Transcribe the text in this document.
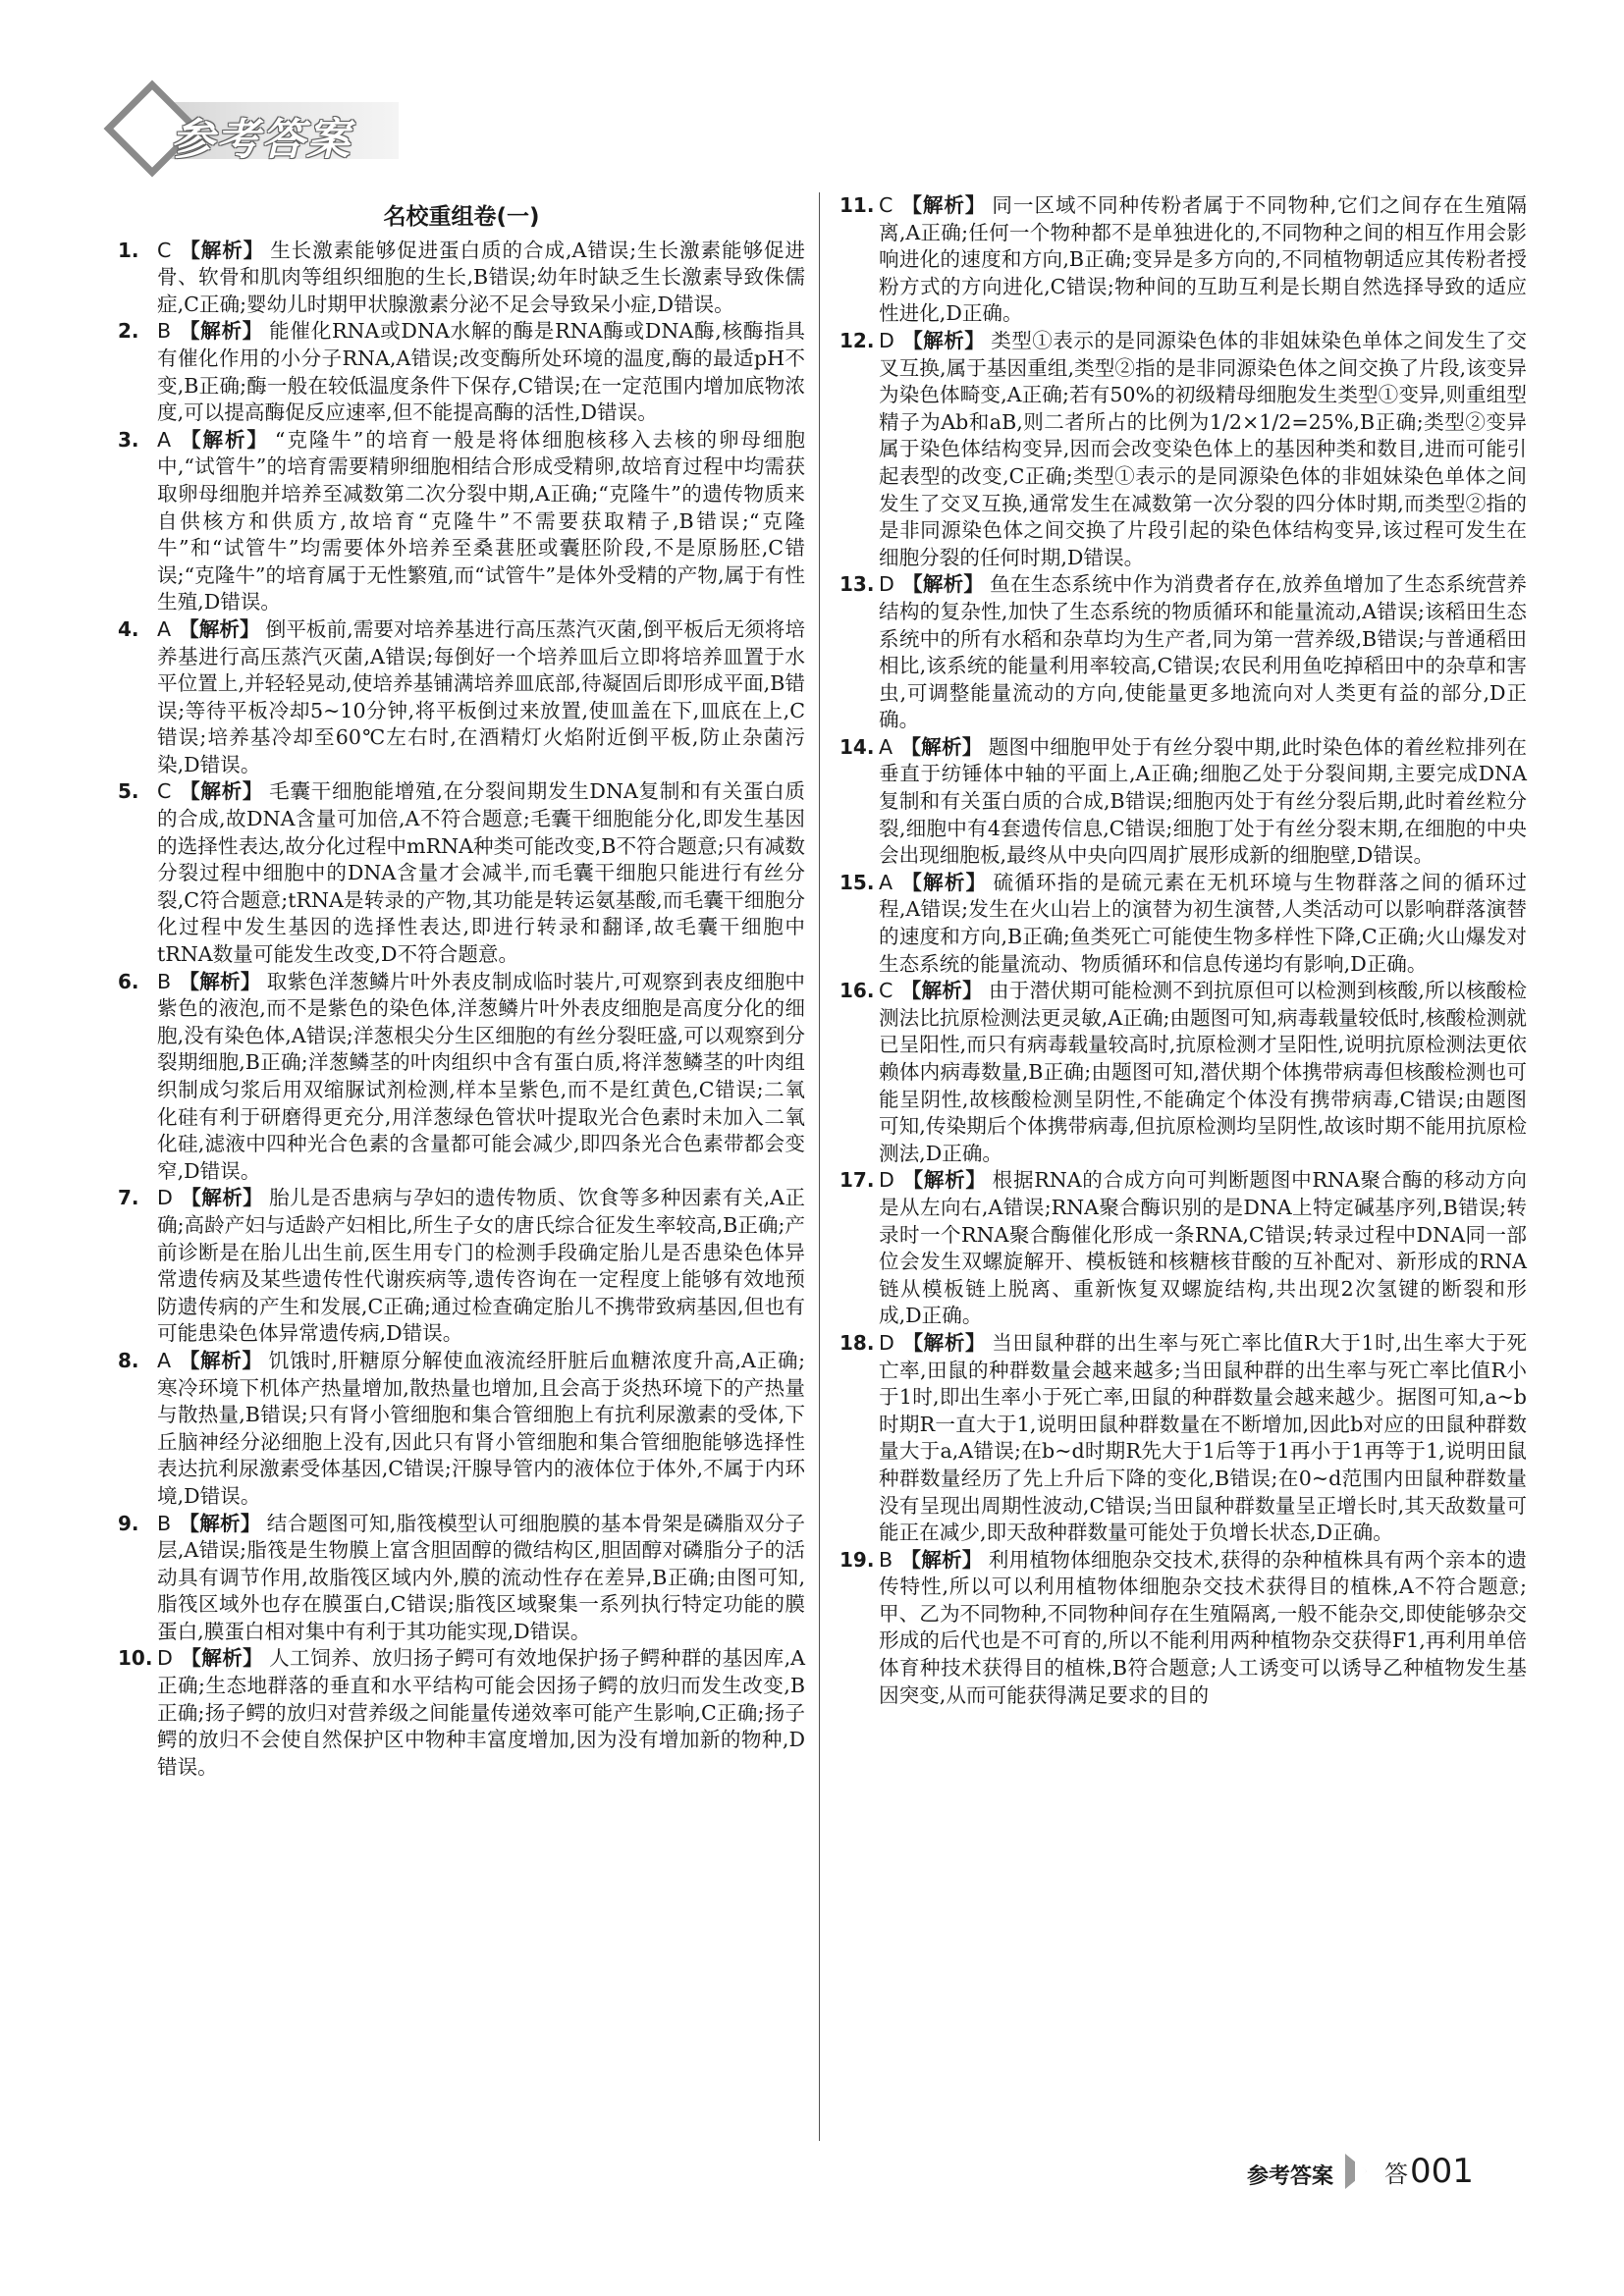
参考答案
名校重组卷(一)

1. C 【解析】 生长激素能够促进蛋白质的合成,A错误;生长激素能够促进骨、软骨和肌肉等组织细胞的生长,B错误;幼年时缺乏生长激素导致侏儒症,C正确;婴幼儿时期甲状腺激素分泌不足会导致呆小症,D错误。

2. B 【解析】 能催化RNA或DNA水解的酶是RNA酶或DNA酶,核酶指具有催化作用的小分子RNA,A错误;改变酶所处环境的温度,酶的最适pH不变,B正确;酶一般在较低温度条件下保存,C错误;在一定范围内增加底物浓度,可以提高酶促反应速率,但不能提高酶的活性,D错误。

3. A 【解析】 “克隆牛”的培育一般是将体细胞核移入去核的卵母细胞中,“试管牛”的培育需要精卵细胞相结合形成受精卵,故培育过程中均需获取卵母细胞并培养至减数第二次分裂中期,A正确;“克隆牛”的遗传物质来自供核方和供质方,故培育“克隆牛”不需要获取精子,B错误;“克隆牛”和“试管牛”均需要体外培养至桑葚胚或囊胚阶段,不是原肠胚,C错误;“克隆牛”的培育属于无性繁殖,而“试管牛”是体外受精的产物,属于有性生殖,D错误。

4. A 【解析】 倒平板前,需要对培养基进行高压蒸汽灭菌,倒平板后无须将培养基进行高压蒸汽灭菌,A错误;每倒好一个培养皿后立即将培养皿置于水平位置上,并轻轻晃动,使培养基铺满培养皿底部,待凝固后即形成平面,B错误;等待平板冷却5~10分钟,将平板倒过来放置,使皿盖在下,皿底在上,C错误;培养基冷却至60℃左右时,在酒精灯火焰附近倒平板,防止杂菌污染,D错误。

5. C 【解析】 毛囊干细胞能增殖,在分裂间期发生DNA复制和有关蛋白质的合成,故DNA含量可加倍,A不符合题意;毛囊干细胞能分化,即发生基因的选择性表达,故分化过程中mRNA种类可能改变,B不符合题意;只有减数分裂过程中细胞中的DNA含量才会减半,而毛囊干细胞只能进行有丝分裂,C符合题意;tRNA是转录的产物,其功能是转运氨基酸,而毛囊干细胞分化过程中发生基因的选择性表达,即进行转录和翻译,故毛囊干细胞中tRNA数量可能发生改变,D不符合题意。

6. B 【解析】 取紫色洋葱鳞片叶外表皮制成临时装片,可观察到表皮细胞中紫色的液泡,而不是紫色的染色体,洋葱鳞片叶外表皮细胞是高度分化的细胞,没有染色体,A错误;洋葱根尖分生区细胞的有丝分裂旺盛,可以观察到分裂期细胞,B正确;洋葱鳞茎的叶肉组织中含有蛋白质,将洋葱鳞茎的叶肉组织制成匀浆后用双缩脲试剂检测,样本呈紫色,而不是红黄色,C错误;二氧化硅有利于研磨得更充分,用洋葱绿色管状叶提取光合色素时未加入二氧化硅,滤液中四种光合色素的含量都可能会减少,即四条光合色素带都会变窄,D错误。

7. D 【解析】 胎儿是否患病与孕妇的遗传物质、饮食等多种因素有关,A正确;高龄产妇与适龄产妇相比,所生子女的唐氏综合征发生率较高,B正确;产前诊断是在胎儿出生前,医生用专门的检测手段确定胎儿是否患染色体异常遗传病及某些遗传性代谢疾病等,遗传咨询在一定程度上能够有效地预防遗传病的产生和发展,C正确;通过检查确定胎儿不携带致病基因,但也有可能患染色体异常遗传病,D错误。

8. A 【解析】 饥饿时,肝糖原分解使血液流经肝脏后血糖浓度升高,A正确;寒冷环境下机体产热量增加,散热量也增加,且会高于炎热环境下的产热量与散热量,B错误;只有肾小管细胞和集合管细胞上有抗利尿激素的受体,下丘脑神经分泌细胞上没有,因此只有肾小管细胞和集合管细胞能够选择性表达抗利尿激素受体基因,C错误;汗腺导管内的液体位于体外,不属于内环境,D错误。

9. B 【解析】 结合题图可知,脂筏模型认可细胞膜的基本骨架是磷脂双分子层,A错误;脂筏是生物膜上富含胆固醇的微结构区,胆固醇对磷脂分子的活动具有调节作用,故脂筏区域内外,膜的流动性存在差异,B正确;由图可知,脂筏区域外也存在膜蛋白,C错误;脂筏区域聚集一系列执行特定功能的膜蛋白,膜蛋白相对集中有利于其功能实现,D错误。

10. D 【解析】 人工饲养、放归扬子鳄可有效地保护扬子鳄种群的基因库,A正确;生态地群落的垂直和水平结构可能会因扬子鳄的放归而发生改变,B正确;扬子鳄的放归对营养级之间能量传递效率可能产生影响,C正确;扬子鳄的放归不会使自然保护区中物种丰富度增加,因为没有增加新的物种,D错误。

11. C 【解析】 同一区域不同种传粉者属于不同物种,它们之间存在生殖隔离,A正确;任何一个物种都不是单独进化的,不同物种之间的相互作用会影响进化的速度和方向,B正确;变异是多方向的,不同植物朝适应其传粉者授粉方式的方向进化,C错误;物种间的互助互利是长期自然选择导致的适应性进化,D正确。

12. D 【解析】 类型①表示的是同源染色体的非姐妹染色单体之间发生了交叉互换,属于基因重组,类型②指的是非同源染色体之间交换了片段,该变异为染色体畸变,A正确;若有50%的初级精母细胞发生类型①变异,则重组型精子为Ab和aB,则二者所占的比例为1/2×1/2=25%,B正确;类型②变异属于染色体结构变异,因而会改变染色体上的基因种类和数目,进而可能引起表型的改变,C正确;类型①表示的是同源染色体的非姐妹染色单体之间发生了交叉互换,通常发生在减数第一次分裂的四分体时期,而类型②指的是非同源染色体之间交换了片段引起的染色体结构变异,该过程可发生在细胞分裂的任何时期,D错误。

13. D 【解析】 鱼在生态系统中作为消费者存在,放养鱼增加了生态系统营养结构的复杂性,加快了生态系统的物质循环和能量流动,A错误;该稻田生态系统中的所有水稻和杂草均为生产者,同为第一营养级,B错误;与普通稻田相比,该系统的能量利用率较高,C错误;农民利用鱼吃掉稻田中的杂草和害虫,可调整能量流动的方向,使能量更多地流向对人类更有益的部分,D正确。

14. A 【解析】 题图中细胞甲处于有丝分裂中期,此时染色体的着丝粒排列在垂直于纺锤体中轴的平面上,A正确;细胞乙处于分裂间期,主要完成DNA复制和有关蛋白质的合成,B错误;细胞丙处于有丝分裂后期,此时着丝粒分裂,细胞中有4套遗传信息,C错误;细胞丁处于有丝分裂末期,在细胞的中央会出现细胞板,最终从中央向四周扩展形成新的细胞壁,D错误。

15. A 【解析】 硫循环指的是硫元素在无机环境与生物群落之间的循环过程,A错误;发生在火山岩上的演替为初生演替,人类活动可以影响群落演替的速度和方向,B正确;鱼类死亡可能使生物多样性下降,C正确;火山爆发对生态系统的能量流动、物质循环和信息传递均有影响,D正确。

16. C 【解析】 由于潜伏期可能检测不到抗原但可以检测到核酸,所以核酸检测法比抗原检测法更灵敏,A正确;由题图可知,病毒载量较低时,核酸检测就已呈阳性,而只有病毒载量较高时,抗原检测才呈阳性,说明抗原检测法更依赖体内病毒数量,B正确;由题图可知,潜伏期个体携带病毒但核酸检测也可能呈阴性,故核酸检测呈阴性,不能确定个体没有携带病毒,C错误;由题图可知,传染期后个体携带病毒,但抗原检测均呈阴性,故该时期不能用抗原检测法,D正确。

17. D 【解析】 根据RNA的合成方向可判断题图中RNA聚合酶的移动方向是从左向右,A错误;RNA聚合酶识别的是DNA上特定碱基序列,B错误;转录时一个RNA聚合酶催化形成一条RNA,C错误;转录过程中DNA同一部位会发生双螺旋解开、模板链和核糖核苷酸的互补配对、新形成的RNA链从模板链上脱离、重新恢复双螺旋结构,共出现2次氢键的断裂和形成,D正确。

18. D 【解析】 当田鼠种群的出生率与死亡率比值R大于1时,出生率大于死亡率,田鼠的种群数量会越来越多;当田鼠种群的出生率与死亡率比值R小于1时,即出生率小于死亡率,田鼠的种群数量会越来越少。据图可知,a~b时期R一直大于1,说明田鼠种群数量在不断增加,因此b对应的田鼠种群数量大于a,A错误;在b~d时期R先大于1后等于1再小于1再等于1,说明田鼠种群数量经历了先上升后下降的变化,B错误;在0~d范围内田鼠种群数量没有呈现出周期性波动,C错误;当田鼠种群数量呈正增长时,其天敌数量可能正在减少,即天敌种群数量可能处于负增长状态,D正确。

19. B 【解析】 利用植物体细胞杂交技术,获得的杂种植株具有两个亲本的遗传特性,所以可以利用植物体细胞杂交技术获得目的植株,A不符合题意;甲、乙为不同物种,不同物种间存在生殖隔离,一般不能杂交,即使能够杂交形成的后代也是不可育的,所以不能利用两种植物杂交获得F1,再利用单倍体育种技术获得目的植株,B符合题意;人工诱变可以诱导乙种植物发生基因突变,从而可能获得满足要求的目的

参考答案 答001
